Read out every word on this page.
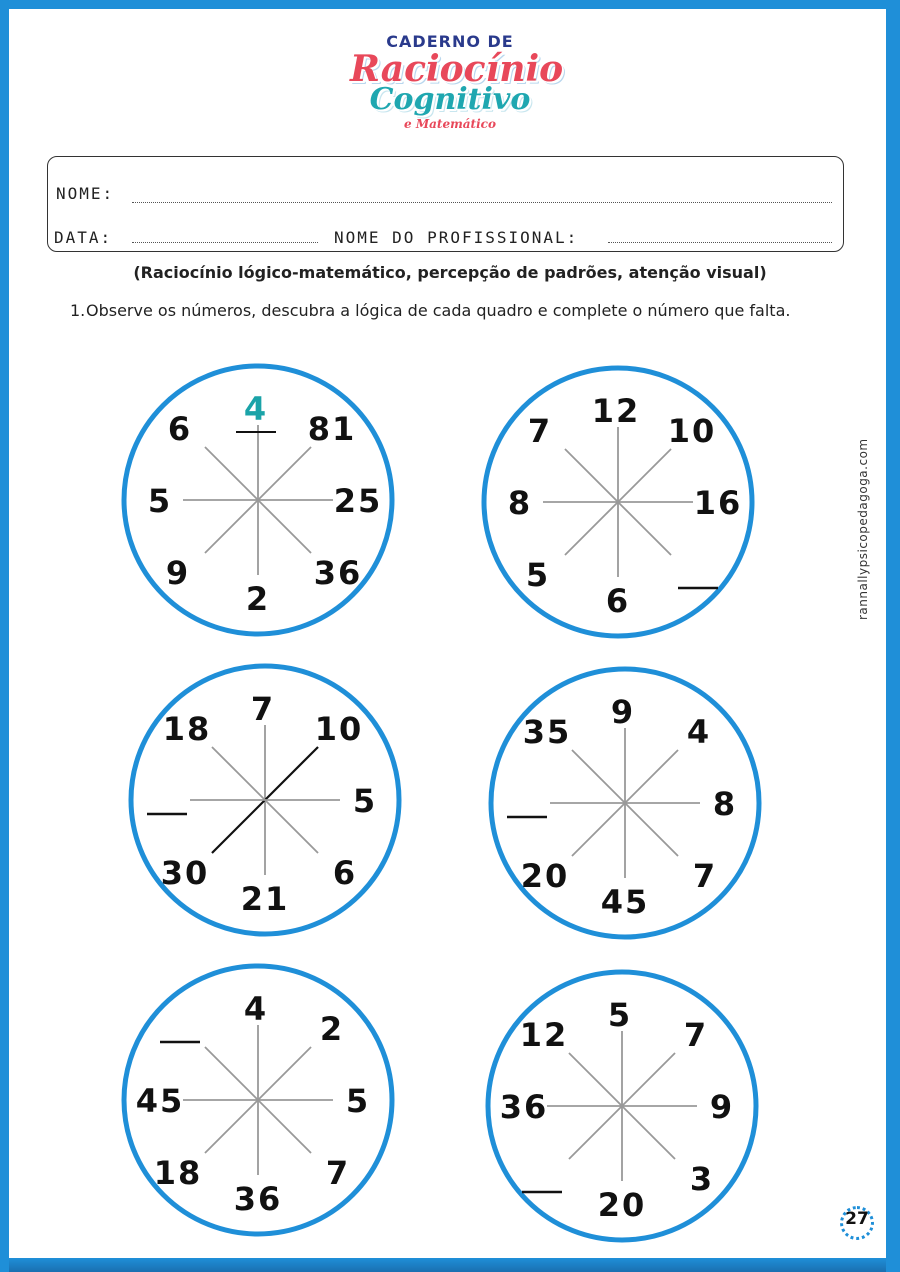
CADERNO DE
Raciocínio
Cognitivo
e Matemático
NOME:
DATA:	NOME DO PROFISSIONAL:
(Raciocínio lógico-matemático, percepção de padrões, atenção visual)
1. Observe os números, descubra a lógica de cada quadro e complete o número que falta.
6
4
81
5	25
9
2
36
7
12
10
8	16
5
6
18
7
10
5
30
21
6
35
9
4
8
20
45
7
4
2
45	5
18
36
7
12
5
7
36	9
20
3
rannallypsicopedagoga.com
27
